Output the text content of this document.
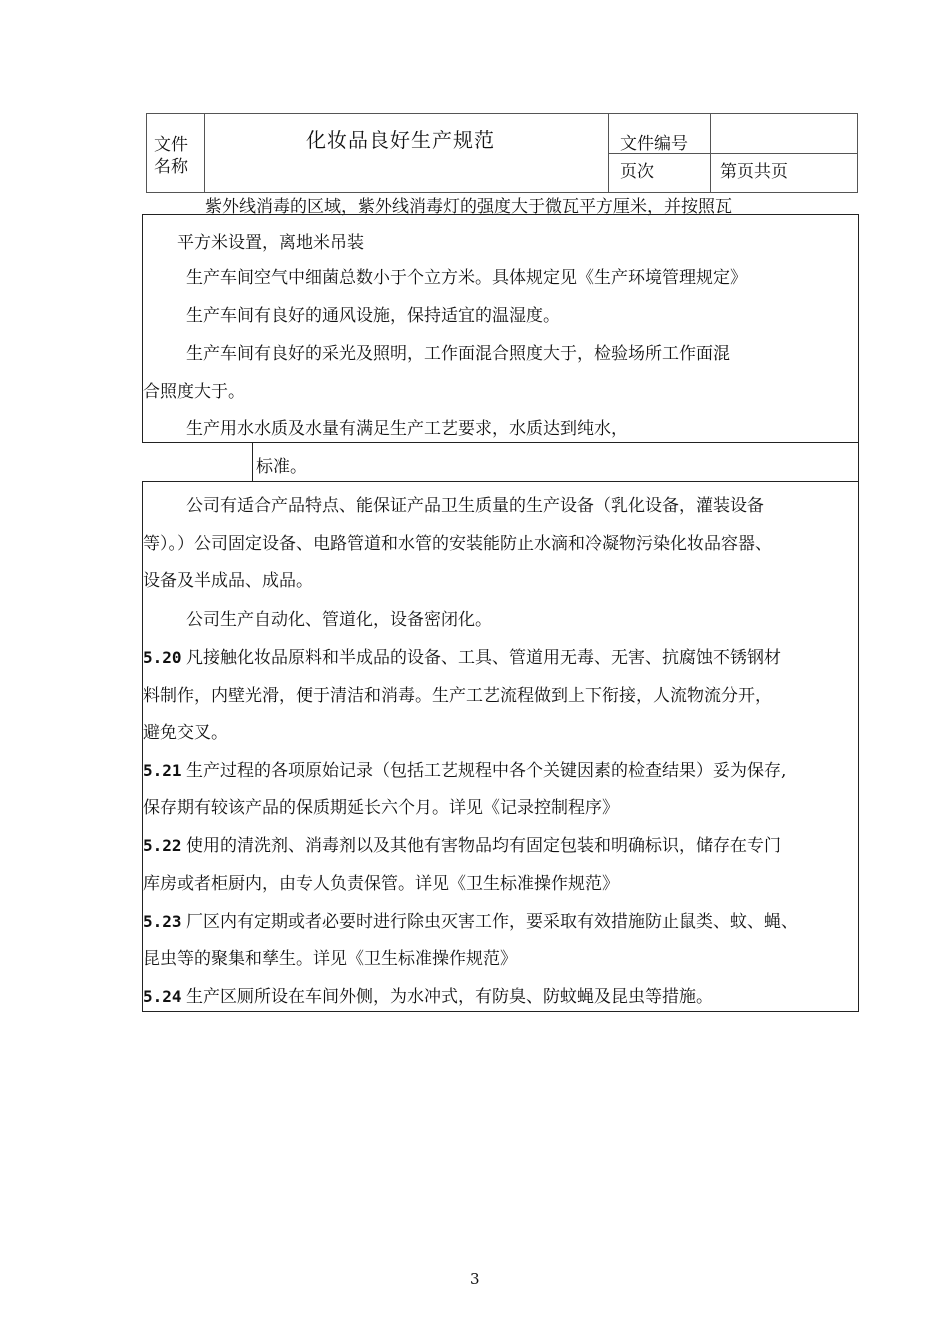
文件
名称
化妆品良好生产规范	文件编号
页次	第页共页
紫外线消毒的区域，紫外线消毒灯的强度大于微瓦平方厘米，并按照瓦
平方米设置，离地米吊装
生产车间空气中细菌总数小于个立方米。具体规定见《生产环境管理规定》
生产车间有良好的通风设施，保持适宜的温湿度。
生产车间有良好的采光及照明，工作面混合照度大于，检验场所工作面混
合照度大于。
生产用水水质及水量有满足生产工艺要求，水质达到纯水，
标准。
公司有适合产品特点、能保证产品卫生质量的生产设备（乳化设备，灌装设备
等）。）公司固定设备、电路管道和水管的安装能防止水滴和冷凝物污染化妆品容器、
设备及半成品、成品。
公司生产自动化、管道化，设备密闭化。
5.20 凡接触化妆品原料和半成品的设备、工具、管道用无毒、无害、抗腐蚀不锈钢材
料制作，内壁光滑，便于清洁和消毒。生产工艺流程做到上下衔接，人流物流分开，
避免交叉。
5.21 生产过程的各项原始记录（包括工艺规程中各个关键因素的检查结果）妥为保存,
保存期有较该产品的保质期延长六个月。详见《记录控制程序》
5.22 使用的清洗剂、消毒剂以及其他有害物品均有固定包装和明确标识，储存在专门
库房或者柜厨内，由专人负责保管。详见《卫生标准操作规范》
5.23 厂区内有定期或者必要时进行除虫灭害工作，要采取有效措施防止鼠类、蚊、蝇、
昆虫等的聚集和孳生。详见《卫生标准操作规范》
5.24 生产区厕所设在车间外侧，为水冲式，有防臭、防蚊蝇及昆虫等措施。
3
